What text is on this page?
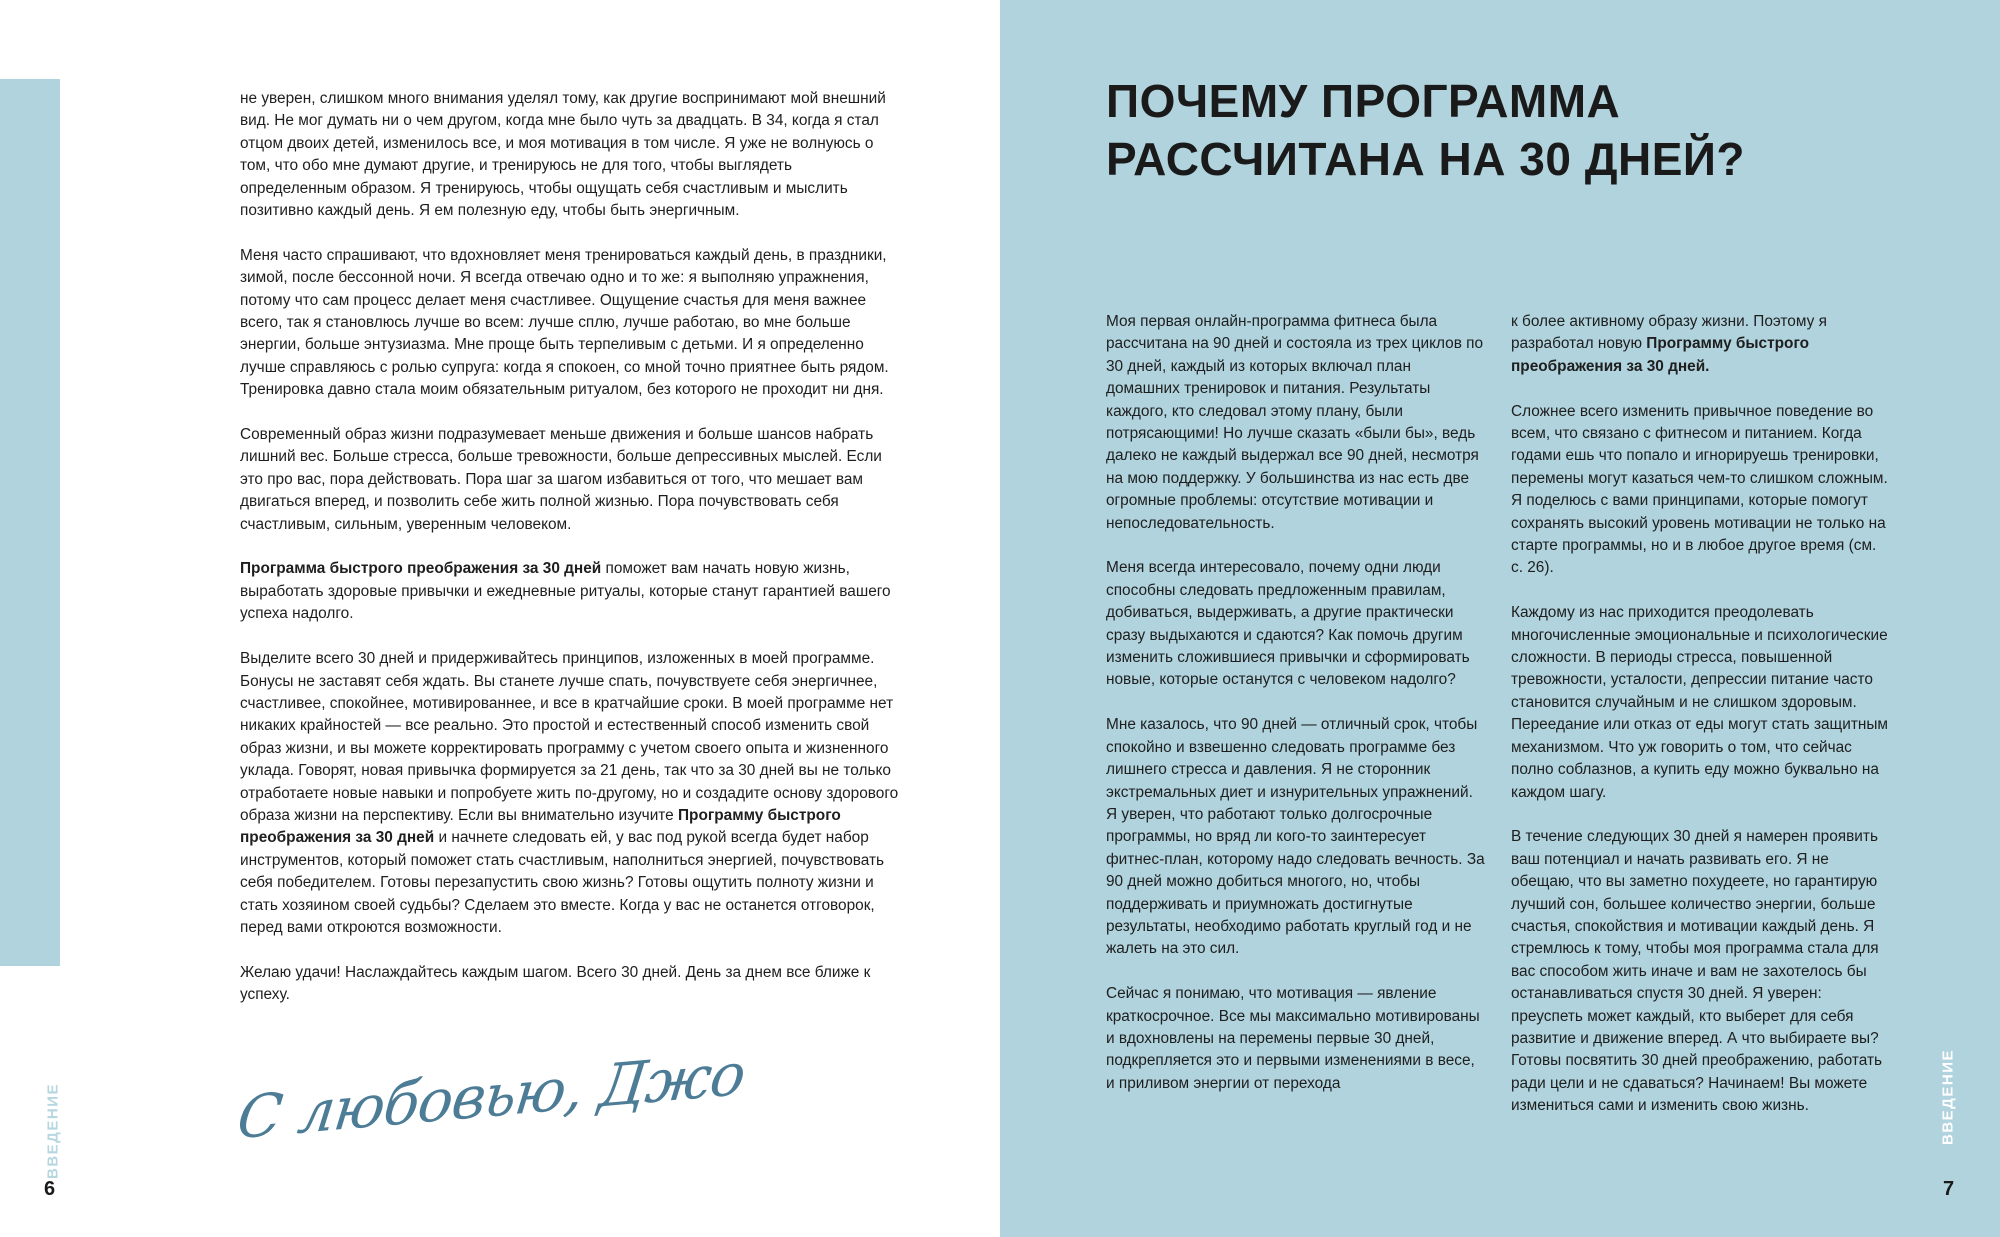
не уверен, слишком много внимания уделял тому, как другие воспринимают мой внешний вид. Не мог думать ни о чем другом, когда мне было чуть за двадцать. В 34, когда я стал отцом двоих детей, изменилось все, и моя мотивация в том числе. Я уже не волнуюсь о том, что обо мне думают другие, и тренируюсь не для того, чтобы выглядеть определенным образом. Я тренируюсь, чтобы ощущать себя счастливым и мыслить позитивно каждый день. Я ем полезную еду, чтобы быть энергичным.

Меня часто спрашивают, что вдохновляет меня тренироваться каждый день, в праздники, зимой, после бессонной ночи. Я всегда отвечаю одно и то же: я выполняю упражнения, потому что сам процесс делает меня счастливее. Ощущение счастья для меня важнее всего, так я становлюсь лучше во всем: лучше сплю, лучше работаю, во мне больше энергии, больше энтузиазма. Мне проще быть терпеливым с детьми. И я определенно лучше справляюсь с ролью супруга: когда я спокоен, со мной точно приятнее быть рядом. Тренировка давно стала моим обязательным ритуалом, без которого не проходит ни дня.

Современный образ жизни подразумевает меньше движения и больше шансов набрать лишний вес. Больше стресса, больше тревожности, больше депрессивных мыслей. Если это про вас, пора действовать. Пора шаг за шагом избавиться от того, что мешает вам двигаться вперед, и позволить себе жить полной жизнью. Пора почувствовать себя счастливым, сильным, уверенным человеком.

Программа быстрого преображения за 30 дней поможет вам начать новую жизнь, выработать здоровые привычки и ежедневные ритуалы, которые станут гарантией вашего успеха надолго.

Выделите всего 30 дней и придерживайтесь принципов, изложенных в моей программе. Бонусы не заставят себя ждать. Вы станете лучше спать, почувствуете себя энергичнее, счастливее, спокойнее, мотивированнее, и все в кратчайшие сроки. В моей программе нет никаких крайностей — все реально. Это простой и естественный способ изменить свой образ жизни, и вы можете корректировать программу с учетом своего опыта и жизненного уклада. Говорят, новая привычка формируется за 21 день, так что за 30 дней вы не только отработаете новые навыки и попробуете жить по-другому, но и создадите основу здорового образа жизни на перспективу. Если вы внимательно изучите Программу быстрого преображения за 30 дней и начнете следовать ей, у вас под рукой всегда будет набор инструментов, который поможет стать счастливым, наполниться энергией, почувствовать себя победителем. Готовы перезапустить свою жизнь? Готовы ощутить полноту жизни и стать хозяином своей судьбы? Сделаем это вместе. Когда у вас не останется отговорок, перед вами откроются возможности.

Желаю удачи! Наслаждайтесь каждым шагом. Всего 30 дней. День за днем все ближе к успеху.

С любовью, Джо
ВВЕДЕНИЕ
6
ПОЧЕМУ ПРОГРАММА РАССЧИТАНА НА 30 ДНЕЙ?

Моя первая онлайн-программа фитнеса была рассчитана на 90 дней и состояла из трех циклов по 30 дней, каждый из которых включал план домашних тренировок и питания. Результаты каждого, кто следовал этому плану, были потрясающими! Но лучше сказать «были бы», ведь далеко не каждый выдержал все 90 дней, несмотря на мою поддержку. У большинства из нас есть две огромные проблемы: отсутствие мотивации и непоследовательность.

Меня всегда интересовало, почему одни люди способны следовать предложенным правилам, добиваться, выдерживать, а другие практически сразу выдыхаются и сдаются? Как помочь другим изменить сложившиеся привычки и сформировать новые, которые останутся с человеком надолго?

Мне казалось, что 90 дней — отличный срок, чтобы спокойно и взвешенно следовать программе без лишнего стресса и давления. Я не сторонник экстремальных диет и изнурительных упражнений. Я уверен, что работают только долгосрочные программы, но вряд ли кого-то заинтересует фитнес-план, которому надо следовать вечность. За 90 дней можно добиться многого, но, чтобы поддерживать и приумножать достигнутые результаты, необходимо работать круглый год и не жалеть на это сил.

Сейчас я понимаю, что мотивация — явление краткосрочное. Все мы максимально мотивированы и вдохновлены на перемены первые 30 дней, подкрепляется это и первыми изменениями в весе, и приливом энергии от перехода

к более активному образу жизни. Поэтому я разработал новую Программу быстрого преображения за 30 дней.

Сложнее всего изменить привычное поведение во всем, что связано с фитнесом и питанием. Когда годами ешь что попало и игнорируешь тренировки, перемены могут казаться чем-то слишком сложным. Я поделюсь с вами принципами, которые помогут сохранять высокий уровень мотивации не только на старте программы, но и в любое другое время (см. с. 26).

Каждому из нас приходится преодолевать многочисленные эмоциональные и психологические сложности. В периоды стресса, повышенной тревожности, усталости, депрессии питание часто становится случайным и не слишком здоровым. Переедание или отказ от еды могут стать защитным механизмом. Что уж говорить о том, что сейчас полно соблазнов, а купить еду можно буквально на каждом шагу.

В течение следующих 30 дней я намерен проявить ваш потенциал и начать развивать его. Я не обещаю, что вы заметно похудеете, но гарантирую лучший сон, большее количество энергии, больше счастья, спокойствия и мотивации каждый день. Я стремлюсь к тому, чтобы моя программа стала для вас способом жить иначе и вам не захотелось бы останавливаться спустя 30 дней. Я уверен: преуспеть может каждый, кто выберет для себя развитие и движение вперед. А что выбираете вы? Готовы посвятить 30 дней преображению, работать ради цели и не сдаваться? Начинаем! Вы можете измениться сами и изменить свою жизнь.	ВВЕДЕНИЕ
7
